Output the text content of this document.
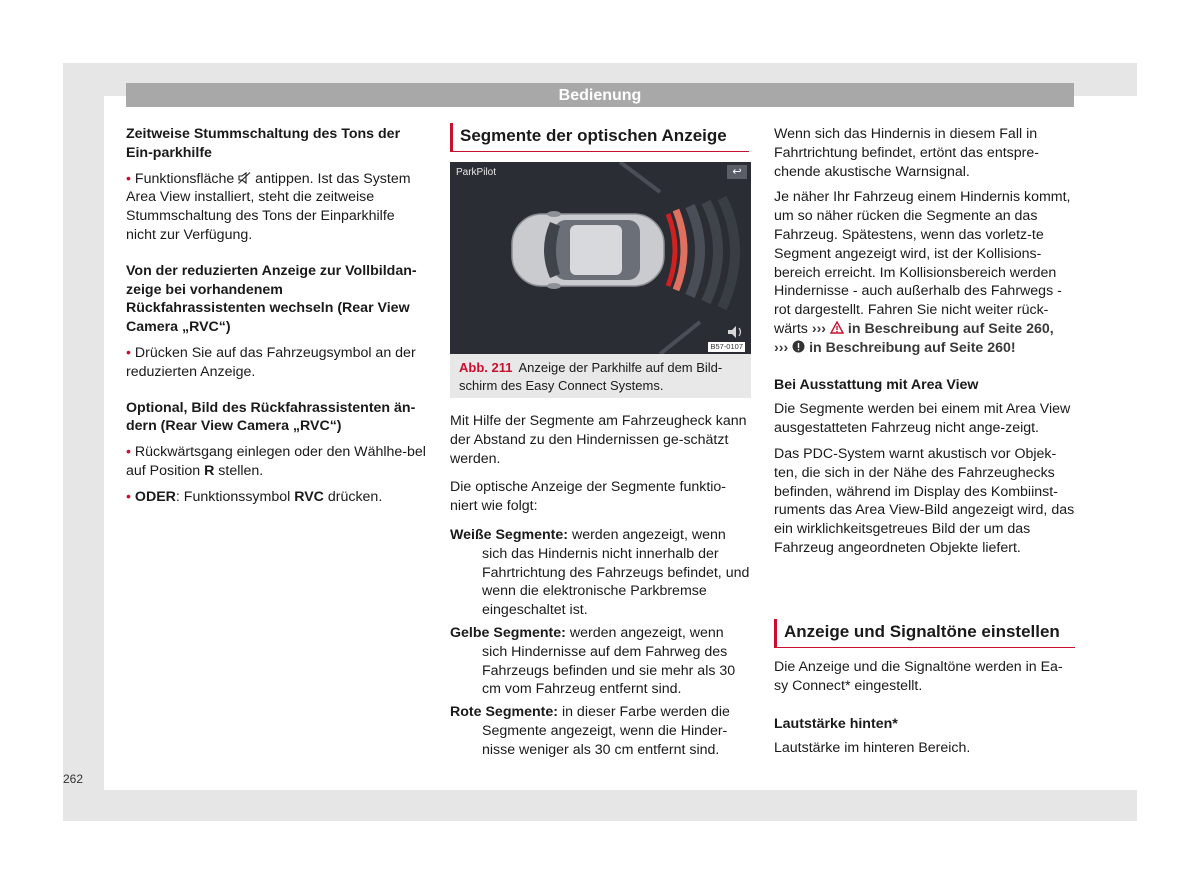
Bedienung

Zeitweise Stummschaltung des Tons der Ein-parkhilfe

• Funktionsfläche  antippen. Ist das System Area View installiert, steht die zeitweise Stummschaltung des Tons der Einparkhilfe nicht zur Verfügung.

Von der reduzierten Anzeige zur Vollbildan-zeige bei vorhandenem Rückfahrassistenten wechseln (Rear View Camera „RVC“)

• Drücken Sie auf das Fahrzeugsymbol an der reduzierten Anzeige.

Optional, Bild des Rückfahrassistenten än-dern (Rear View Camera „RVC“)

• Rückwärtsgang einlegen oder den Wählhe-bel auf Position R stellen.

• ODER: Funktionssymbol RVC drücken.

Segmente der optischen Anzeige
ParkPilot	↩
B57-0107
Abb. 211 Anzeige der Parkhilfe auf dem Bild-schirm des Easy Connect Systems.

Mit Hilfe der Segmente am Fahrzeugheck kann der Abstand zu den Hindernissen ge-schätzt werden.

Die optische Anzeige der Segmente funktio-niert wie folgt:

Weiße Segmente: werden angezeigt, wenn sich das Hindernis nicht innerhalb der Fahrtrichtung des Fahrzeugs befindet, und wenn die elektronische Parkbremse eingeschaltet ist.
Gelbe Segmente: werden angezeigt, wenn sich Hindernisse auf dem Fahrweg des Fahrzeugs befinden und sie mehr als 30 cm vom Fahrzeug entfernt sind.
Rote Segmente: in dieser Farbe werden die Segmente angezeigt, wenn die Hinder-nisse weniger als 30 cm entfernt sind.

Wenn sich das Hindernis in diesem Fall in Fahrtrichtung befindet, ertönt das entspre-chende akustische Warnsignal.

Je näher Ihr Fahrzeug einem Hindernis kommt, um so näher rücken die Segmente an das Fahrzeug. Spätestens, wenn das vorletz-te Segment angezeigt wird, ist der Kollisions-bereich erreicht. Im Kollisionsbereich werden Hindernisse - auch außerhalb des Fahrwegs - rot dargestellt. Fahren Sie nicht weiter rück-wärts ›››  in Beschreibung auf Seite 260,
›››  in Beschreibung auf Seite 260!

Bei Ausstattung mit Area View

Die Segmente werden bei einem mit Area View ausgestatteten Fahrzeug nicht ange-zeigt.

Das PDC-System warnt akustisch vor Objek-ten, die sich in der Nähe des Fahrzeughecks befinden, während im Display des Kombiinst-ruments das Area View-Bild angezeigt wird, das ein wirklichkeitsgetreues Bild der um das Fahrzeug angeordneten Objekte liefert.

Anzeige und Signaltöne einstellen

Die Anzeige und die Signaltöne werden in Ea-sy Connect* eingestellt.

Lautstärke hinten*

Lautstärke im hinteren Bereich.

262
